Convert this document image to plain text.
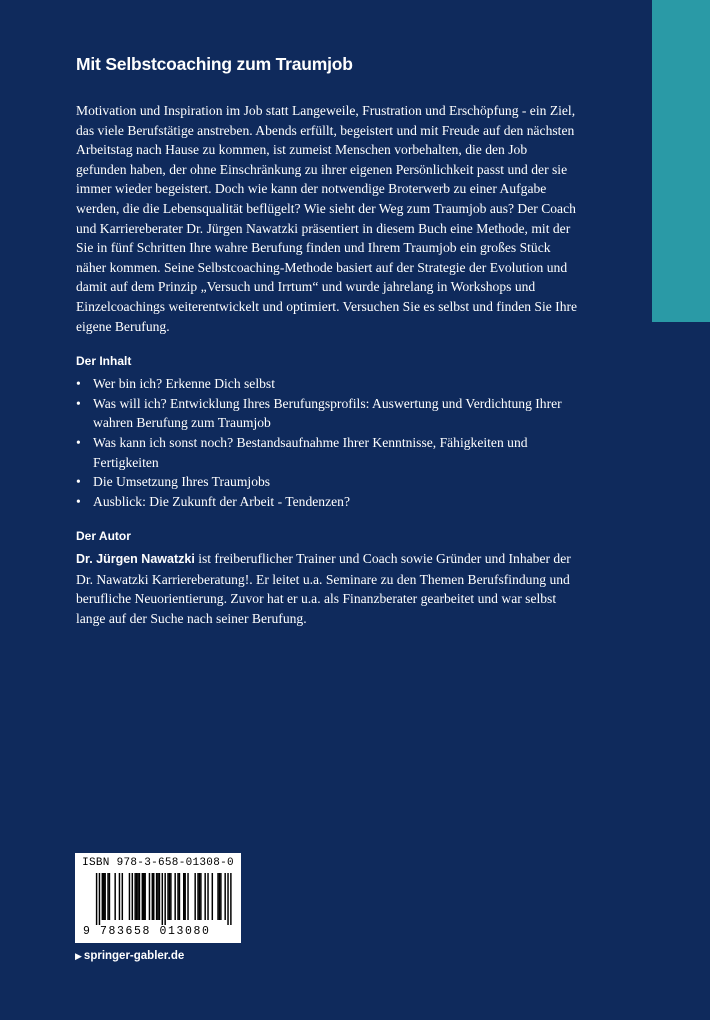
Mit Selbstcoaching zum Traumjob

Motivation und Inspiration im Job statt Langeweile, Frustration und Erschöpfung - ein Ziel, das viele Berufstätige anstreben. Abends erfüllt, begeistert und mit Freude auf den nächsten Arbeitstag nach Hause zu kommen, ist zumeist Menschen vorbehalten, die den Job gefunden haben, der ohne Einschränkung zu ihrer eigenen Persönlichkeit passt und der sie immer wieder begeistert. Doch wie kann der notwendige Broterwerb zu einer Aufgabe werden, die die Lebensqualität beflügelt? Wie sieht der Weg zum Traumjob aus? Der Coach und Karriereberater Dr. Jürgen Nawatzki präsentiert in diesem Buch eine Methode, mit der Sie in fünf Schritten Ihre wahre Berufung finden und Ihrem Traumjob ein großes Stück näher kommen. Seine Selbstcoaching-Methode basiert auf der Strategie der Evolution und damit auf dem Prinzip „Versuch und Irrtum“ und wurde jahrelang in Workshops und Einzelcoachings weiterentwickelt und optimiert. Versuchen Sie es selbst und finden Sie Ihre eigene Berufung.

Der Inhalt
• Wer bin ich? Erkenne Dich selbst
• Was will ich? Entwicklung Ihres Berufungsprofils: Auswertung und Verdichtung Ihrer wahren Berufung zum Traumjob
• Was kann ich sonst noch? Bestandsaufnahme Ihrer Kenntnisse, Fähigkeiten und Fertigkeiten
• Die Umsetzung Ihres Traumjobs
• Ausblick: Die Zukunft der Arbeit - Tendenzen?
Der Autor

Dr. Jürgen Nawatzki ist freiberuflicher Trainer und Coach sowie Gründer und Inhaber der Dr. Nawatzki Karriereberatung!. Er leitet u.a. Seminare zu den Themen Berufsfindung und berufliche Neuorientierung. Zuvor hat er u.a. als Finanzberater gearbeitet und war selbst lange auf der Suche nach seiner Berufung.

ISBN 978-3-658-01308-0
9 783658 013080
▶ springer-gabler.de
